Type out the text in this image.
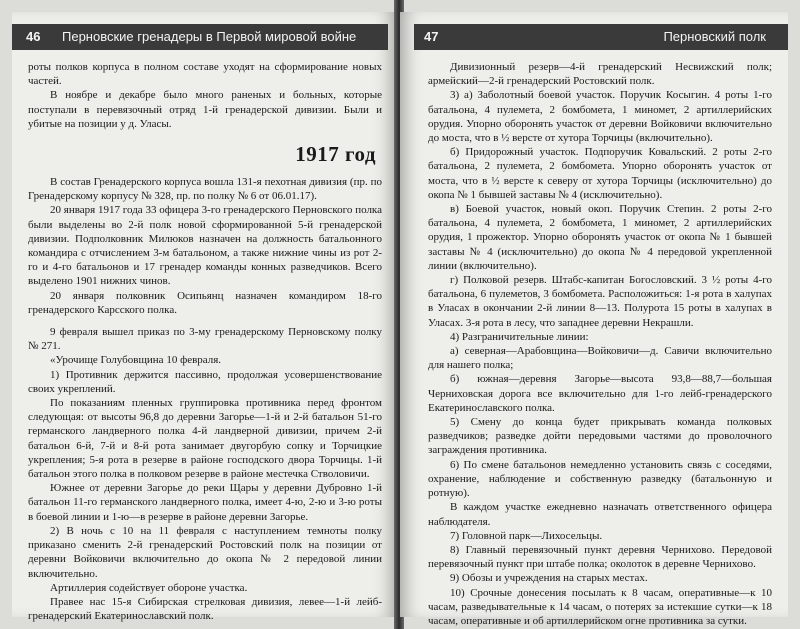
46 Перновские гренадеры в Первой мировой войне

роты полков корпуса в полном составе уходят на сформирование новых частей.

В ноябре и декабре было много раненых и больных, которые поступали в перевязочный отряд 1-й гренадерской дивизии. Были и убитые на позиции у д. Уласы.

1917 год

В состав Гренадерского корпуса вошла 131-я пехотная дивизия (пр. по Гренадерскому корпусу № 328, пр. по полку № 6 от 06.01.17).

20 января 1917 года 33 офицера 3-го гренадерского Перновского полка были выделены во 2-й полк новой сформированной 5-й гренадерской дивизии. Подполковник Милюков назначен на должность батальонного командира с отчислением 3-м батальоном, а также нижние чины из рот 2-го и 4-го батальонов и 17 гренадер команды конных разведчиков. Всего выделено 1901 нижних чинов.

20 января полковник Осипьянц назначен командиром 18-го гренадерского Карсского полка.

9 февраля вышел приказ по 3-му гренадерскому Перновскому полку № 271.

«Урочище Голубовщина 10 февраля.

1) Противник держится пассивно, продолжая усовершенствование своих укреплений.

По показаниям пленных группировка противника перед фронтом следующая: от высоты 96,8 до деревни Загорье—1-й и 2-й батальон 51-го германского ландверного полка 4-й ландверной дивизии, причем 2-й батальон 6-й, 7-й и 8-й рота занимает двугорбую сопку и Торчицкие укрепления; 5-я рота в резерве в районе господского двора Торчицы. 1-й батальон этого полка в полковом резерве в районе местечка Стволовичи.

Южнее от деревни Загорье до реки Щары у деревни Дубровно 1-й батальон 11-го германского ландверного полка, имеет 4-ю, 2-ю и 3-ю роты в боевой линии и 1-ю—в резерве в районе деревни Загорье.

2) В ночь с 10 на 11 февраля с наступлением темноты полку приказано сменить 2-й гренадерский Ростовский полк на позиции от деревни Войковичи включительно до окопа № 2 передовой линии включительно.

Артиллерия содействует обороне участка.

Правее нас 15-я Сибирская стрелковая дивизия, левее—1-й лейб-гренадерский Екатеринославский полк.

47	Перновский полк

Дивизионный резерв—4-й гренадерский Несвижский полк; армейский—2-й гренадерский Ростовский полк.

3) а) Заболотный боевой участок. Поручик Косыгин. 4 роты 1-го батальона, 4 пулемета, 2 бомбомета, 1 миномет, 2 артиллерийских орудия. Упорно оборонять участок от деревни Войковичи включительно до моста, что в ½ версте от хутора Торчицы (включительно).

б) Придорожный участок. Подпоручик Ковальский. 2 роты 2-го батальона, 2 пулемета, 2 бомбомета. Упорно оборонять участок от моста, что в ½ версте к северу от хутора Торчицы (исключительно) до окопа № 1 бывшей заставы № 4 (исключительно).

в) Боевой участок, новый окоп. Поручик Степин. 2 роты 2-го батальона, 4 пулемета, 2 бомбомета, 1 миномет, 2 артиллерийских орудия, 1 прожектор. Упорно оборонять участок от окопа № 1 бывшей заставы № 4 (исключительно) до окопа № 4 передовой укрепленной линии (включительно).

г) Полковой резерв. Штабс-капитан Богословский. 3 ½ роты 4-го батальона, 6 пулеметов, 3 бомбомета. Расположиться: 1-я рота в халупах в Уласах в окончании 2-й линии 8—13. Полурота 15 роты в халупах в Уласах. 3-я рота в лесу, что западнее деревни Некрашли.

4) Разграничительные линии:

а) северная—Арабовщина—Войковичи—д. Савичи включительно для нашего полка;

б) южная—деревня Загорье—высота 93,8—88,7—большая Черниховская дорога все включительно для 1-го лейб-гренадерского Екатеринославского полка.

5) Смену до конца будет прикрывать команда полковых разведчиков; разведке дойти передовыми частями до проволочного заграждения противника.

6) По смене батальонов немедленно установить связь с соседями, охранение, наблюдение и собственную разведку (батальонную и ротную).

В каждом участке ежедневно назначать ответственного офицера наблюдателя.

7) Головной парк—Лихосельцы.

8) Главный перевязочный пункт деревня Черниховo. Передовой перевязочный пункт при штабе полка; околоток в деревне Черниховo.

9) Обозы и учреждения на старых местах.

10) Срочные донесения посылать к 8 часам, оперативные—к 10 часам, разведывательные к 14 часам, о потерях за истекшие сутки—к 18 часам, оперативные и об артиллерийском огне противника за сутки.
